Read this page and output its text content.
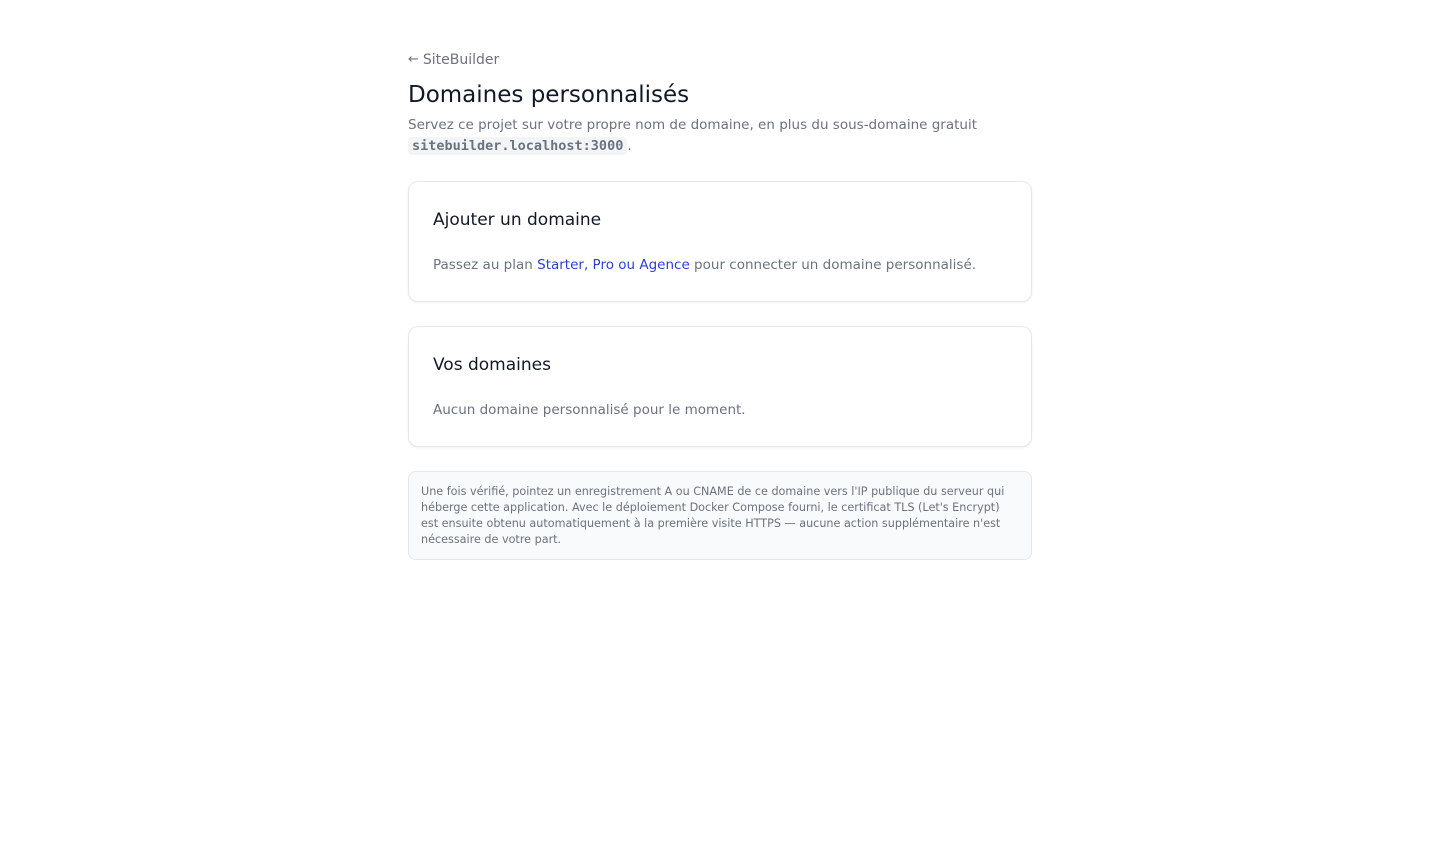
← SiteBuilder
Domaines personnalisés

Servez ce projet sur votre propre nom de domaine, en plus du sous-domaine gratuit
sitebuilder.localhost:3000 .

Ajouter un domaine

Passez au plan Starter, Pro ou Agence pour connecter un domaine personnalisé.

Vos domaines

Aucun domaine personnalisé pour le moment.

Une fois vérifié, pointez un enregistrement A ou CNAME de ce domaine vers l'IP publique du serveur qui héberge cette application. Avec le déploiement Docker Compose fourni, le certificat TLS (Let's Encrypt) est ensuite obtenu automatiquement à la première visite HTTPS — aucune action supplémentaire n'est nécessaire de votre part.
